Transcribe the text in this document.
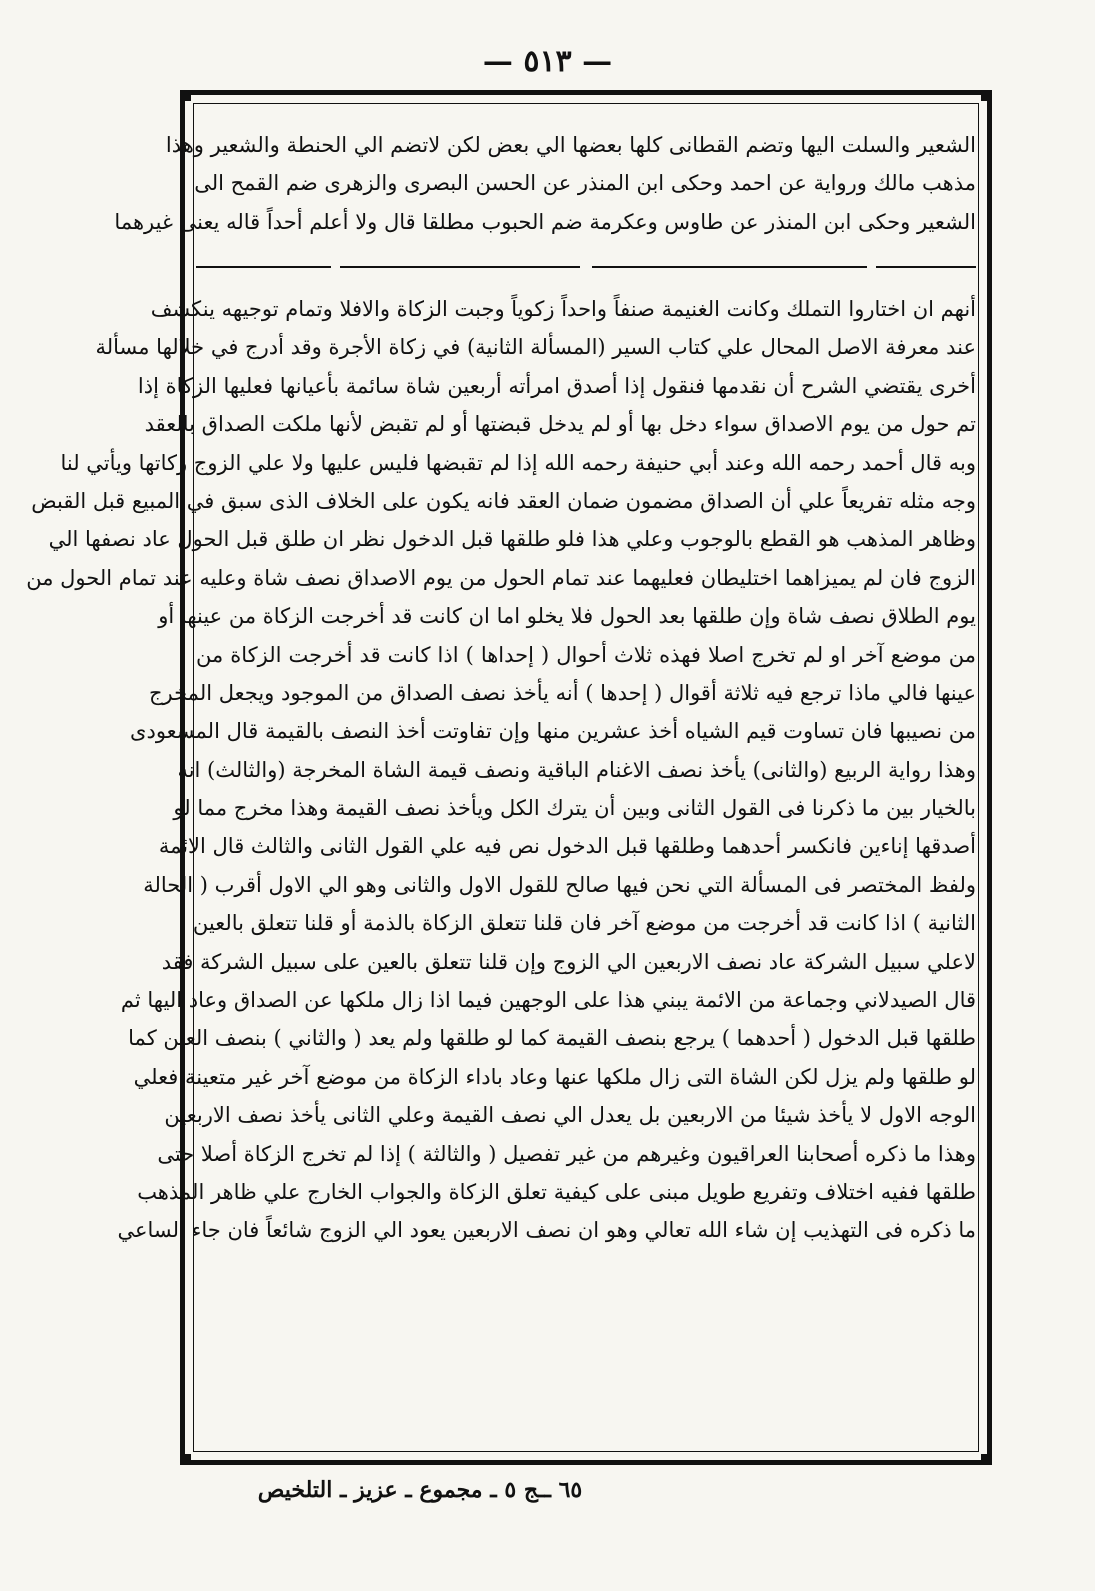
— ٥١٣ —
الشعير والسلت اليها وتضم القطانى كلها بعضها الي بعض لكن لاتضم الي الحنطة والشعير وهذا
مذهب مالك ورواية عن احمد وحكى ابن المنذر عن الحسن البصرى والزهرى ضم القمح الى
الشعير وحكى ابن المنذر عن طاوس وعكرمة ضم الحبوب مطلقا قال ولا أعلم أحداً قاله يعنى غيرهما
أنهم ان اختاروا التملك وكانت الغنيمة صنفاً واحداً زكوياً وجبت الزكاة والافلا وتمام توجيهه ينكشف
عند معرفة الاصل المحال علي كتاب السير (المسألة الثانية) في زكاة الأجرة وقد أدرج في خلالها مسألة
أخرى يقتضي الشرح أن نقدمها فنقول إذا أصدق امرأته أربعين شاة سائمة بأعيانها فعليها الزكاة إذا
تم حول من يوم الاصداق سواء دخل بها أو لم يدخل قبضتها أو لم تقبض لأنها ملكت الصداق بالعقد
وبه قال أحمد رحمه الله وعند أبي حنيفة رحمه الله إذا لم تقبضها فليس عليها ولا علي الزوج زكاتها ويأتي لنا
وجه مثله تفريعاً علي أن الصداق مضمون ضمان العقد فانه يكون على الخلاف الذى سبق في المبيع قبل القبض
وظاهر المذهب هو القطع بالوجوب وعلي هذا فلو طلقها قبل الدخول نظر ان طلق قبل الحول عاد نصفها الي
الزوج فان لم يميزاهما اختليطان فعليهما عند تمام الحول من يوم الاصداق نصف شاة وعليه عند تمام الحول من
يوم الطلاق نصف شاة وإن طلقها بعد الحول فلا يخلو اما ان كانت قد أخرجت الزكاة من عينها أو
من موضع آخر او لم تخرج اصلا فهذه ثلاث أحوال ( إحداها ) اذا كانت قد أخرجت الزكاة من
عينها فالي ماذا ترجع فيه ثلاثة أقوال ( إحدها ) أنه يأخذ نصف الصداق من الموجود ويجعل المخرج
من نصيبها فان تساوت قيم الشياه أخذ عشرين منها وإن تفاوتت أخذ النصف بالقيمة قال المسعودى
وهذا رواية الربيع (والثانى) يأخذ نصف الاغنام الباقية ونصف قيمة الشاة المخرجة (والثالث) انه
بالخيار بين ما ذكرنا فى القول الثانى وبين أن يترك الكل ويأخذ نصف القيمة وهذا مخرج مما لو
أصدقها إناءين فانكسر أحدهما وطلقها قبل الدخول نص فيه علي القول الثانى والثالث قال الائمة
ولفظ المختصر فى المسألة التي نحن فيها صالح للقول الاول والثانى وهو الي الاول أقرب ( الحالة
الثانية ) اذا كانت قد أخرجت من موضع آخر فان قلنا تتعلق الزكاة بالذمة أو قلنا تتعلق بالعين
لاعلي سبيل الشركة عاد نصف الاربعين الي الزوج وإن قلنا تتعلق بالعين على سبيل الشركة فقد
قال الصيدلاني وجماعة من الائمة يبني هذا على الوجهين فيما اذا زال ملكها عن الصداق وعاد اليها ثم
طلقها قبل الدخول ( أحدهما ) يرجع بنصف القيمة كما لو طلقها ولم يعد ( والثاني ) بنصف العين كما
لو طلقها ولم يزل لكن الشاة التى زال ملكها عنها وعاد باداء الزكاة من موضع آخر غير متعينة فعلي
الوجه الاول لا يأخذ شيئا من الاربعين بل يعدل الي نصف القيمة وعلي الثانى يأخذ نصف الاربعين
وهذا ما ذكره أصحابنا العراقيون وغيرهم من غير تفصيل ( والثالثة ) إذا لم تخرج الزكاة أصلا حتى
طلقها ففيه اختلاف وتفريع طويل مبنى على كيفية تعلق الزكاة والجواب الخارج علي ظاهر المذهب
ما ذكره فى التهذيب إن شاء الله تعالي وهو ان نصف الاربعين يعود الي الزوج شائعاً فان جاء الساعي
٦٥ ــج ٥ ـ مجموع ـ عزيز ـ التلخيص
